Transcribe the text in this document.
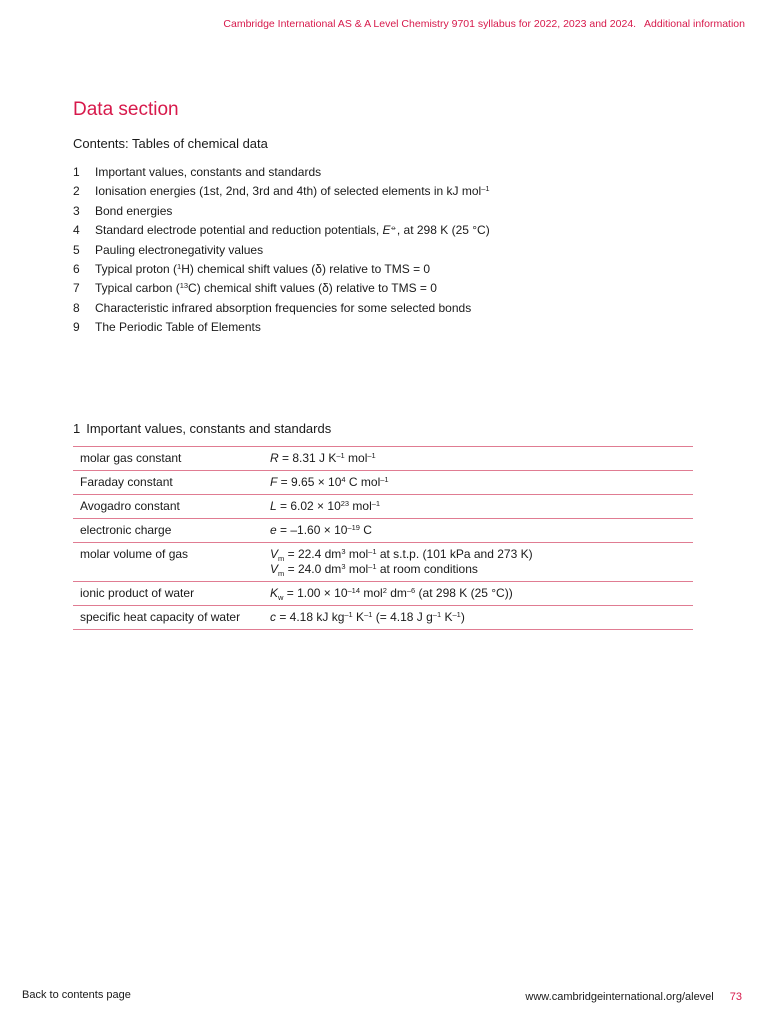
Cambridge International AS & A Level Chemistry 9701 syllabus for 2022, 2023 and 2024. Additional information
Data section
Contents: Tables of chemical data
1	Important values, constants and standards
2	Ionisation energies (1st, 2nd, 3rd and 4th) of selected elements in kJ mol$^{-1}$
3	Bond energies
4	Standard electrode potential and reduction potentials, E⦵, at 298 K (25 °C)
5	Pauling electronegativity values
6	Typical proton ($^1$H) chemical shift values (δ) relative to TMS = 0
7	Typical carbon ($^{13}$C) chemical shift values (δ) relative to TMS = 0
8	Characteristic infrared absorption frequencies for some selected bonds
9	The Periodic Table of Elements
1 Important values, constants and standards
molar gas constant	R = 8.31 J $K^{-1}$ mol$^{-1}$
Faraday constant	$F = 9.65 \times 10^4$ C mol$^{-1}$
Avogadro constant	$L = 6.02 \times 10^{23}$ mol$^{-1}$
electronic charge	$e = -1.60 \times 10^{-19}$ C
molar volume of gas	$V_m = 22.4$ $dm^3$ mol$^{-1}$ at s.t.p. (101 kPa and 273 K)
$V_m = 24.0$ $dm^3$ mol$^{-1}$ at room conditions
ionic product of water	$K_w = 1.00 \times 10^{-14}$ mol$^2$ $dm^{-6}$ (at 298 K (25 °C))
specific heat capacity of water	c = 4.18 kJ $kg^{-1}$ $K^{-1}$ (= 4.18 J $g^{-1}$ $K^{-1}$)
Back to contents page	www.cambridgeinternational.org/alevel 73
